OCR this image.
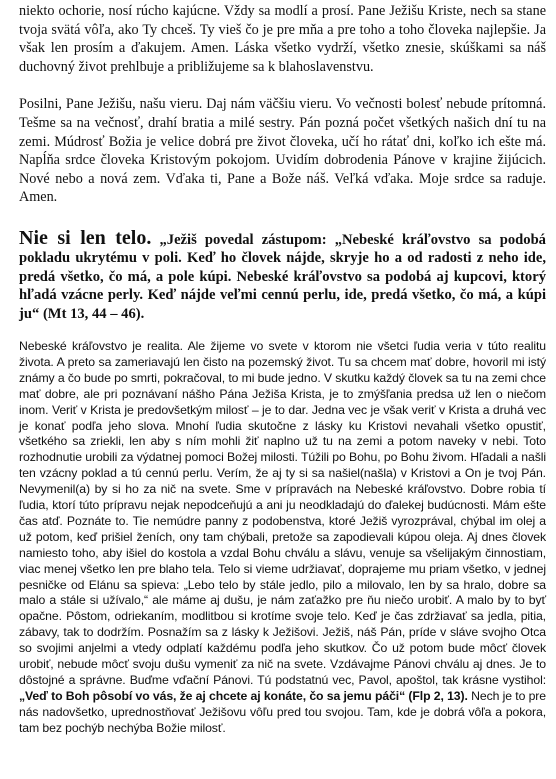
niekto ochorie, nosí rúcho kajúcne. Vždy sa modlí a prosí. Pane Ježišu Kriste, nech sa stane tvoja svätá vôľa, ako Ty chceš. Ty vieš čo je pre mňa a pre toho a toho človeka najlepšie. Ja však len prosím a ďakujem. Amen. Láska všetko vydrží, všetko znesie, skúškami sa náš duchovný život prehlbuje a približujeme sa k blahoslavenstvu.

Posilni, Pane Ježišu, našu vieru. Daj nám väčšiu vieru. Vo večnosti bolesť nebude prítomná. Tešme sa na večnosť, drahí bratia a milé sestry. Pán pozná počet všetkých našich dní tu na zemi. Múdrosť Božia je velice dobrá pre život človeka, učí ho rátať dni, koľko ich ešte má. Napĺňa srdce človeka Kristovým pokojom. Uvidím dobrodenia Pánove v krajine žijúcich. Nové nebo a nová zem. Vďaka ti, Pane a Bože náš. Veľká vďaka. Moje srdce sa raduje. Amen.

Nie si len telo. „Ježiš povedal zástupom: „Nebeské kráľovstvo sa podobá pokladu ukrytému v poli. Keď ho človek nájde, skryje ho a od radosti z neho ide, predá všetko, čo má, a pole kúpi. Nebeské kráľovstvo sa podobá aj kupcovi, ktorý hľadá vzácne perly. Keď nájde veľmi cennú perlu, ide, predá všetko, čo má, a kúpi ju“ (Mt 13, 44 – 46).

Nebeské kráľovstvo je realita. Ale žijeme vo svete v ktorom nie všetci ľudia veria v túto realitu života. A preto sa zameriavajú len čisto na pozemský život. Tu sa chcem mať dobre, hovoril mi istý známy a čo bude po smrti, pokračoval, to mi bude jedno. V skutku každý človek sa tu na zemi chce mať dobre, ale pri poznávaní nášho Pána Ježiša Krista, je to zmýšľania predsa už len o niečom inom. Veriť v Krista je predovšetkým milosť – je to dar. Jedna vec je však veriť v Krista a druhá vec je konať podľa jeho slova. Mnohí ľudia skutočne z lásky ku Kristovi nevahali všetko opustiť, všetkého sa zriekli, len aby s ním mohli žiť naplno už tu na zemi a potom naveky v nebi. Toto rozhodnutie urobili za výdatnej pomoci Božej milosti. Túžili po Bohu, po Bohu živom. Hľadali a našli ten vzácny poklad a tú cennú perlu. Verím, že aj ty si sa našiel(našla) v Kristovi a On je tvoj Pán. Nevymenil(a) by si ho za nič na svete. Sme v prípravách na Nebeské kráľovstvo. Dobre robia tí ľudia, ktorí túto prípravu nejak nepodceňujú a ani ju neodkladajú do ďalekej budúcnosti. Mám ešte čas atď. Poznáte to. Tie nemúdre panny z podobenstva, ktoré Ježiš vyrozprával, chýbal im olej a už potom, keď prišiel ženích, ony tam chýbali, pretože sa zapodievali kúpou oleja. Aj dnes človek namiesto toho, aby išiel do kostola a vzdal Bohu chválu a slávu, venuje sa všelijakým činnostiam, viac menej všetko len pre blaho tela. Telo si vieme udržiavať, doprajeme mu priam všetko, v jednej pesničke od Elánu sa spieva: „Lebo telo by stále jedlo, pilo a milovalo, len by sa hralo, dobre sa malo a stále si užívalo,“ ale máme aj dušu, je nám zaťažko pre ňu niečo urobiť. A malo by to byť opačne. Pôstom, odriekaním, modlitbou si krotíme svoje telo. Keď je čas zdržiavať sa jedla, pitia, zábavy, tak to dodržím. Posnažím sa z lásky k Ježišovi. Ježiš, náš Pán, príde v sláve svojho Otca so svojimi anjelmi a vtedy odplatí každému podľa jeho skutkov. Čo už potom bude môcť človek urobiť, nebude môcť svoju dušu vymeniť za nič na svete. Vzdávajme Pánovi chválu aj dnes. Je to dôstojné a správne. Buďme vďační Pánovi. Tú podstatnú vec, Pavol, apoštol, tak krásne vystihol: „Veď to Boh pôsobí vo vás, že aj chcete aj konáte, čo sa jemu páči“ (Flp 2, 13). Nech je to pre nás nadovšetko, uprednostňovať Ježišovu vôľu pred tou svojou. Tam, kde je dobrá vôľa a pokora, tam bez pochýb nechýba Božie milosť.
